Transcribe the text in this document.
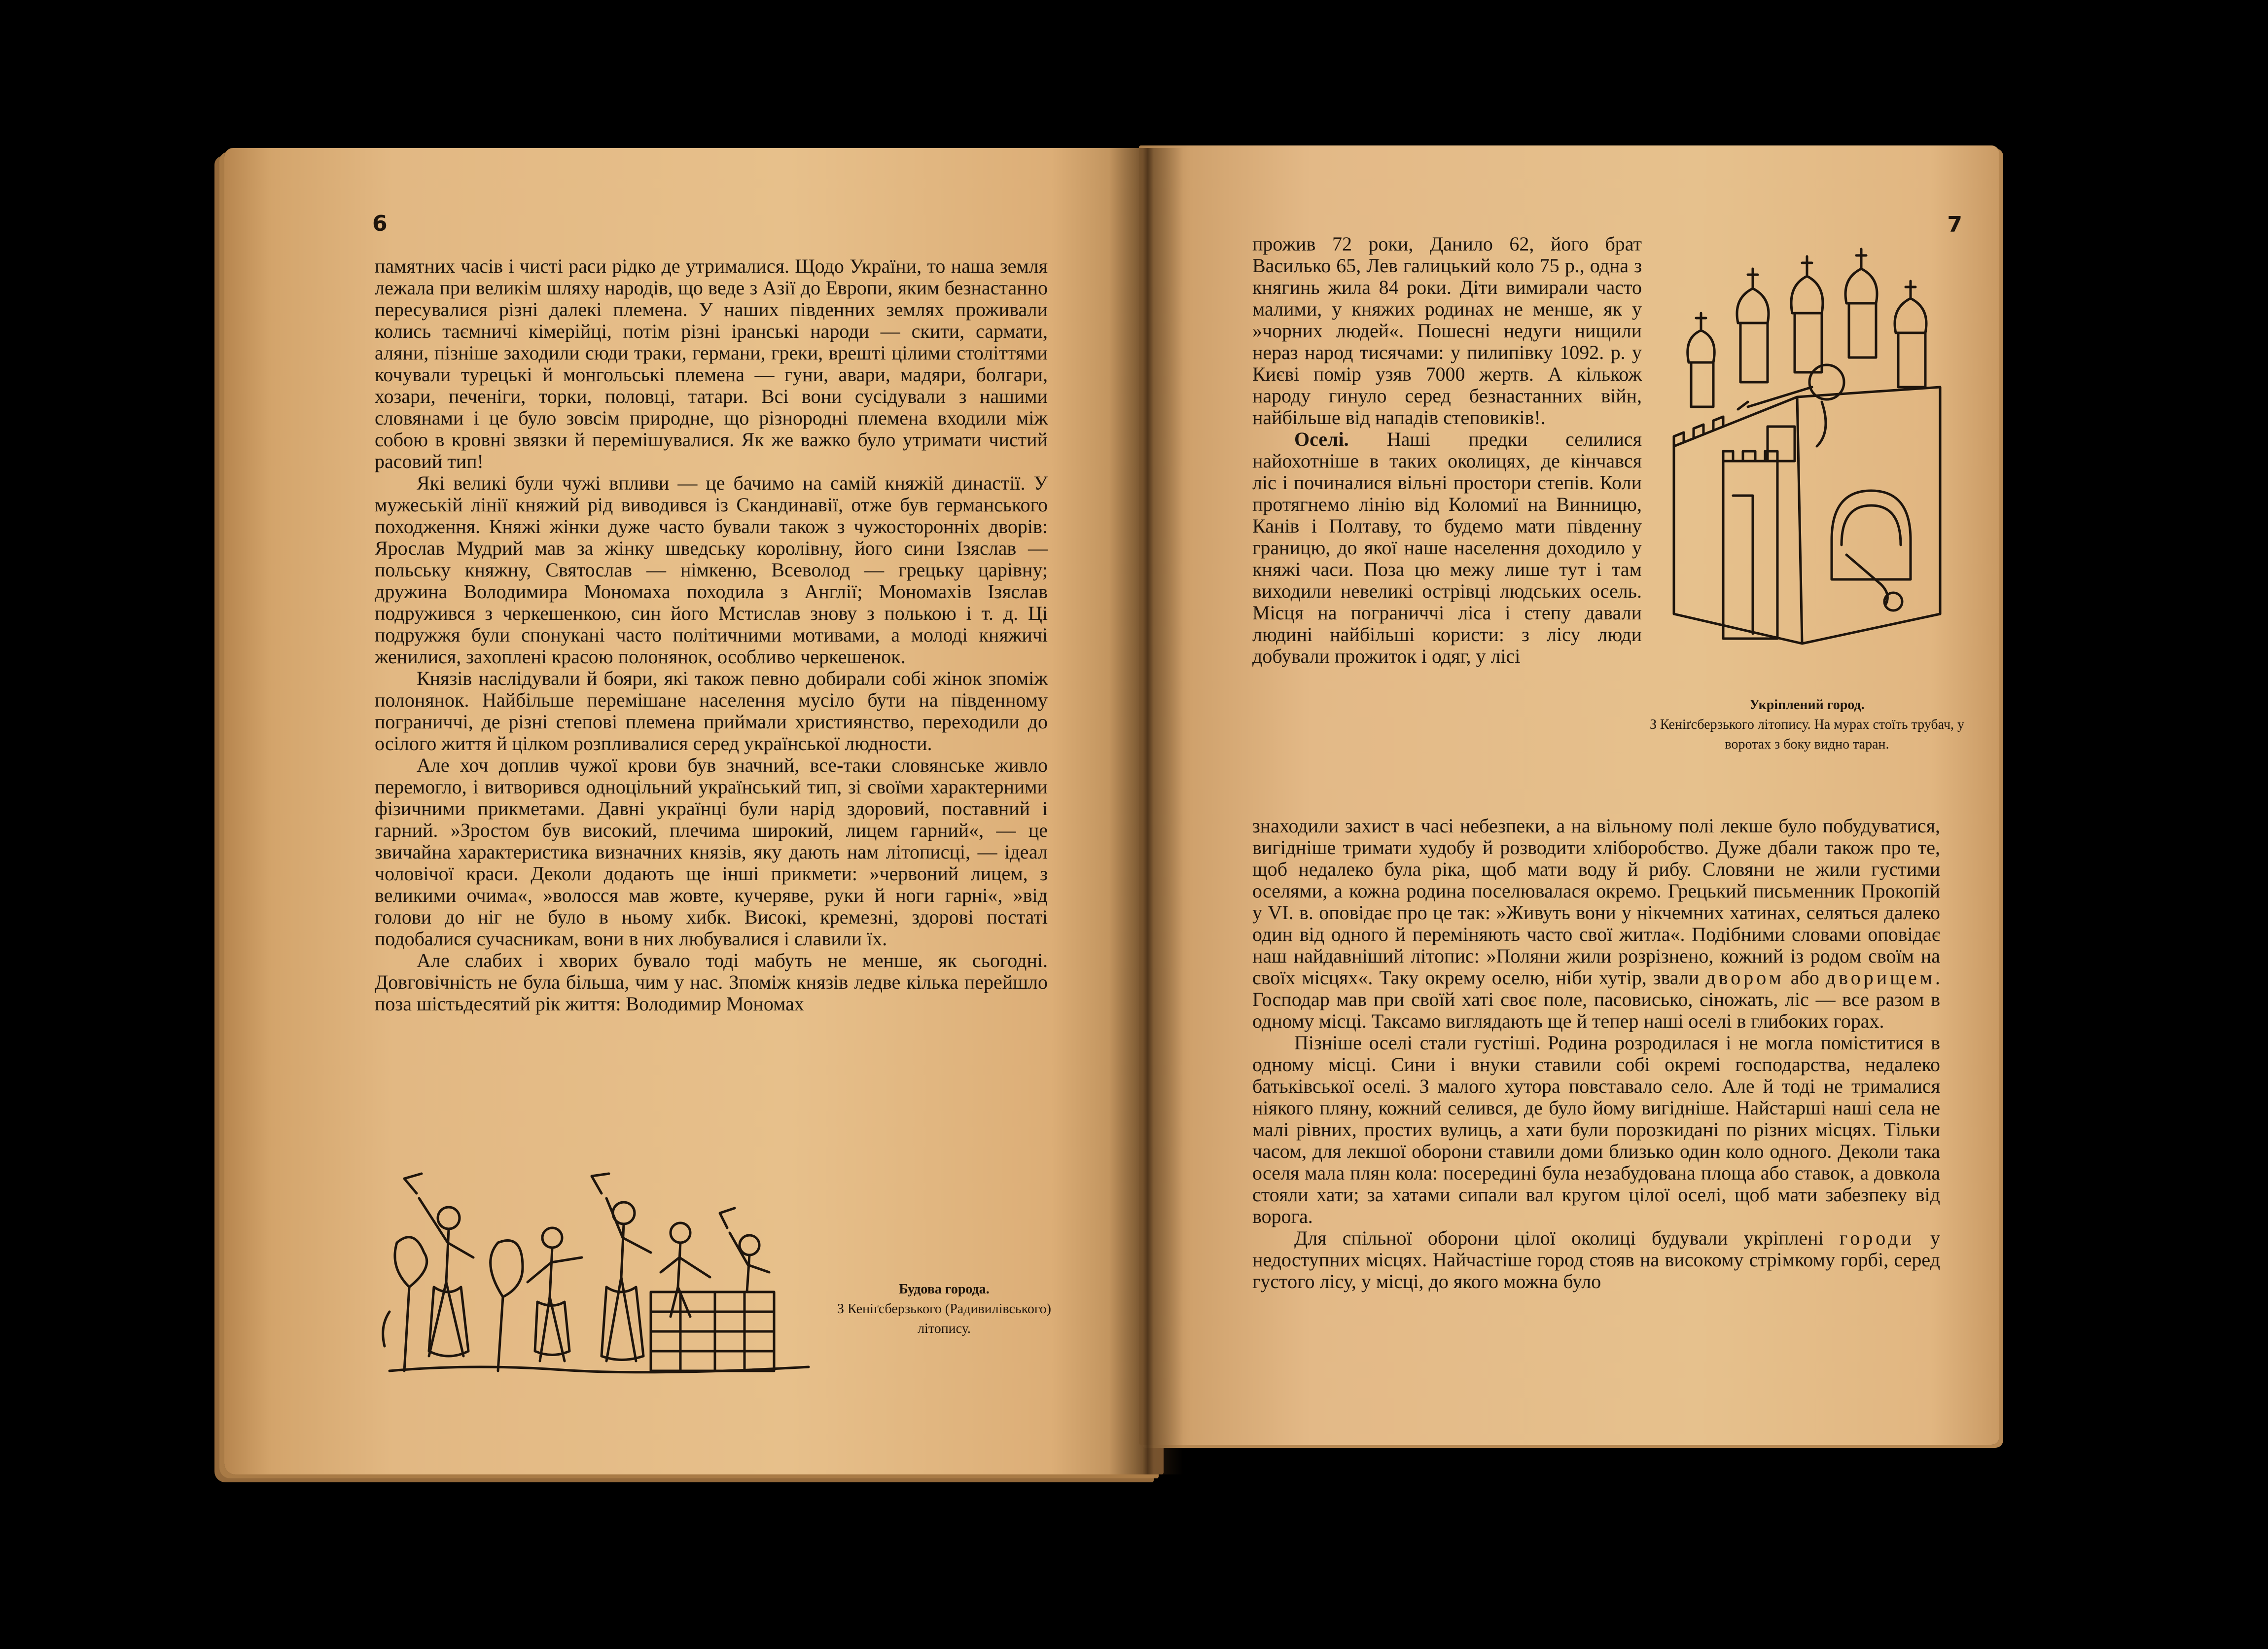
6

памятних часів і чисті раси рідко де утрималися. Щодо України, то наша земля лежала при великім шляху народів, що веде з Азії до Европи, яким безнастанно пересувалися різні далекі племена. У наших південних землях проживали колись таємничі кімерійці, потім різні іранські народи — скити, сармати, аляни, пізніше заходили сюди траки, германи, греки, врешті цілими століттями кочували турецькі й монгольські племена — гуни, авари, мадяри, болгари, хозари, печеніги, торки, половці, татари. Всі вони сусідували з нашими словянами і це було зовсім природне, що різнородні племена входили між собою в кровні звязки й перемішувалися. Як же важко було утримати чистий расовий тип!

Які великі були чужі впливи — це бачимо на самій княжій династії. У мужеській лінії княжий рід виводився із Скандинавії, отже був германського походження. Княжі жінки дуже часто бували також з чужосторонніх дворів: Ярослав Мудрий мав за жінку шведську королівну, його сини Ізяслав — польську княжну, Святослав — німкеню, Всеволод — грецьку царівну; дружина Володимира Мономаха походила з Англії; Мономахів Ізяслав подружився з черкешенкою, син його Мстислав знову з полькою і т. д. Ці подружжя були спонукані часто політичними мотивами, а молоді княжичі женилися, захоплені красою полонянок, особливо черкешенок.

Князів наслідували й бояри, які також певно добирали собі жінок зпоміж полонянок. Найбільше перемішане населення мусіло бути на південному пограниччі, де різні степові племена приймали християнство, переходили до осілого життя й цілком розпливалися серед української людности.

Але хоч доплив чужої крови був значний, все-таки словянське живло перемогло, і витворився одноцільний український тип, зі своїми характерними фізичними прикметами. Давні українці були нарід здоровий, поставний і гарний. »Зростом був високий, плечима широкий, лицем гарний«, — це звичайна характеристика визначних князів, яку дають нам літописці, — ідеал чоловічої краси. Деколи додають ще інші прикмети: »червоний лицем, з великими очима«, »волосся мав жовте, кучеряве, руки й ноги гарні«, »від голови до ніг не було в ньому хибк. Високі, кремезні, здорові постаті подобалися сучасникам, вони в них любувалися і славили їх.

Але слабих і хворих бувало тоді мабуть не менше, як сьогодні. Довговічність не була більша, чим у нас. Зпоміж князів ледве кілька перейшло поза шістьдесятий рік життя: Володимир Мономах

Будова города.
З Кеніґсберзького (Радивилівського) літопису.
7

прожив 72 роки, Данило 62, його брат Василько 65, Лев галицький коло 75 р., одна з княгинь жила 84 роки. Діти вимирали часто малими, у княжих родинах не менше, як у »чорних людей«. Пошесні недуги нищили нераз народ тисячами: у пилипівку 1092. р. у Києві помір узяв 7000 жертв. А кількож народу гинуло серед безнастанних війн, найбільше від нападів степовиків!.

Оселі. Наші предки селилися найохотніше в таких околицях, де кінчався ліс і починалися вільні простори степів. Коли протягнемо лінію від Коломиї на Винницю, Канів і Полтаву, то будемо мати південну границю, до якої наше населення доходило у княжі часи. Поза цю межу лише тут і там виходили невеликі острівці людських осель. Місця на пограниччі ліса і степу давали людині найбільші користи: з лісу люди добували прожиток і одяг, у лісі

Укріплений город.
З Кеніґсберзького літопису. На мурах стоїть трубач, у воротах з боку видно таран.

знаходили захист в часі небезпеки, а на вільному полі лекше було побудуватися, вигідніше тримати худобу й розводити хліборобство. Дуже дбали також про те, щоб недалеко була ріка, щоб мати воду й рибу. Словяни не жили густими оселями, а кожна родина поселювалася окремо. Грецький письменник Прокопій у VI. в. оповідає про це так: »Живуть вони у нікчемних хатинах, селяться далеко один від одного й переміняють часто свої житла«. Подібними словами оповідає наш найдавніший літопис: »Поляни жили розрізнено, кожний із родом своїм на своїх місцях«. Таку окрему оселю, ніби хутір, звали двором або дворищем. Господар мав при своїй хаті своє поле, пасовисько, сіножать, ліс — все разом в одному місці. Таксамо виглядають ще й тепер наші оселі в глибоких горах.

Пізніше оселі стали густіші. Родина розродилася і не могла поміститися в одному місці. Сини і внуки ставили собі окремі господарства, недалеко батьківської оселі. З малого хутора повставало село. Але й тоді не трималися ніякого пляну, кожний селився, де було йому вигідніше. Найстарші наші села не малі рівних, простих вулиць, а хати були порозкидані по різних місцях. Тільки часом, для лекшої оборони ставили доми близько один коло одного. Деколи така оселя мала плян кола: посередині була незабудована площа або ставок, а довкола стояли хати; за хатами сипали вал кругом цілої оселі, щоб мати забезпеку від ворога.

Для спільної оборони цілої околиці будували укріплені городи у недоступних місцях. Найчастіше город стояв на високому стрімкому горбі, серед густого лісу, у місці, до якого можна було
